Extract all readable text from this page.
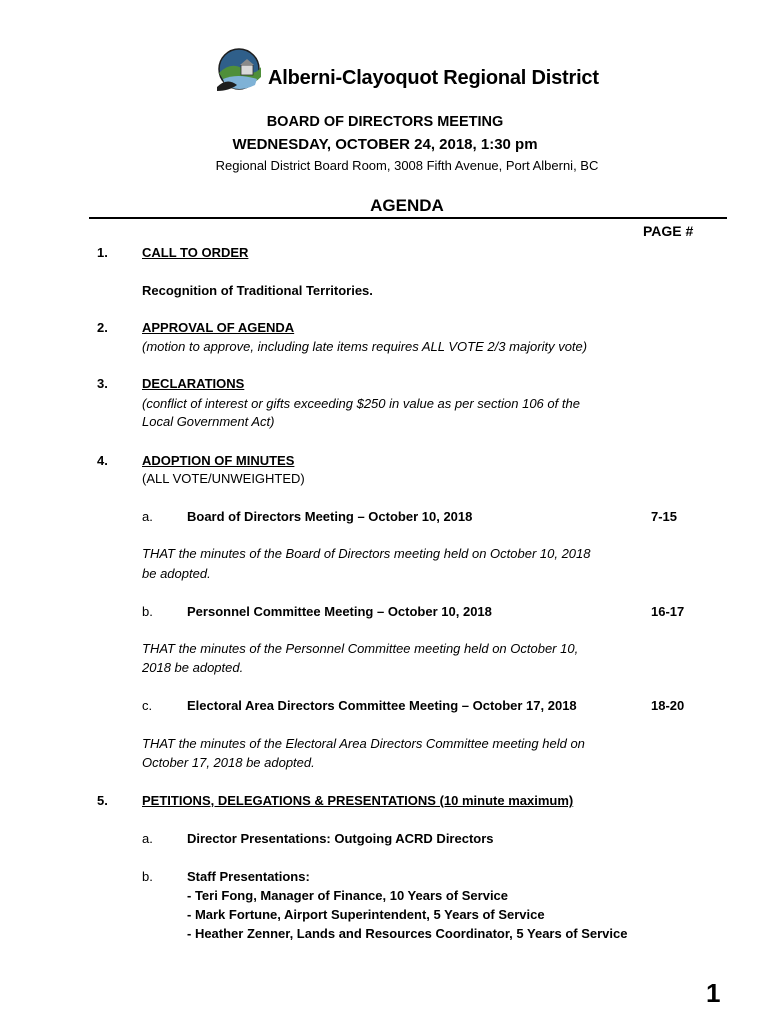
Alberni-Clayoquot Regional District
BOARD OF DIRECTORS MEETING
WEDNESDAY, OCTOBER 24, 2018, 1:30 pm
Regional District Board Room, 3008 Fifth Avenue, Port Alberni, BC
AGENDA
PAGE #
1.	CALL TO ORDER
Recognition of Traditional Territories.
2.	APPROVAL OF AGENDA
(motion to approve, including late items requires ALL VOTE 2/3 majority vote)
3.	DECLARATIONS
(conflict of interest or gifts exceeding $250 in value as per section 106 of the
Local Government Act)
4.	ADOPTION OF MINUTES
(ALL VOTE/UNWEIGHTED)
a.	Board of Directors Meeting – October 10, 2018	7-15
THAT the minutes of the Board of Directors meeting held on October 10, 2018
be adopted.
b.	Personnel Committee Meeting – October 10, 2018	16-17
THAT the minutes of the Personnel Committee meeting held on October 10,
2018 be adopted.
c.	Electoral Area Directors Committee Meeting – October 17, 2018	18-20
THAT the minutes of the Electoral Area Directors Committee meeting held on
October 17, 2018 be adopted.
5.	PETITIONS, DELEGATIONS & PRESENTATIONS (10 minute maximum)
a.	Director Presentations: Outgoing ACRD Directors
b.	Staff Presentations:
- Teri Fong, Manager of Finance, 10 Years of Service
- Mark Fortune, Airport Superintendent, 5 Years of Service
- Heather Zenner, Lands and Resources Coordinator, 5 Years of Service
1
